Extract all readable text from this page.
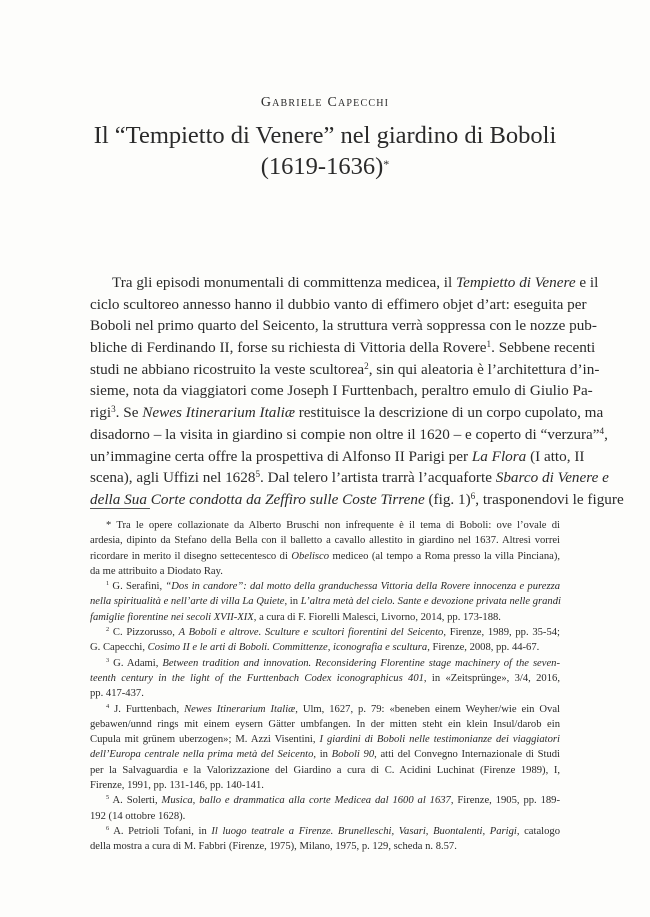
Gabriele Capecchi
Il “Tempietto di Venere” nel giardino di Boboli
(1619-1636)*
Tra gli episodi monumentali di committenza medicea, il Tempietto di Venere e il
ciclo scultoreo annesso hanno il dubbio vanto di effimero objet d’art: eseguita per
Boboli nel primo quarto del Seicento, la struttura verrà soppressa con le nozze pub-
bliche di Ferdinando II, forse su richiesta di Vittoria della Rovere$^1$. Sebbene recenti
studi ne abbiano ricostruito la veste scultorea$^2$, sin qui aleatoria è l’architettura d’in-
sieme, nota da viaggiatori come Joseph I Furttenbach, peraltro emulo di Giulio Pa-
rigi$^3$. Se Newes Itinerarium Italiæ restituisce la descrizione di un corpo cupolato, ma
disadorno – la visita in giardino si compie non oltre il 1620 – e coperto di “verzura”$^4$,
un’immagine certa offre la prospettiva di Alfonso II Parigi per La Flora (I atto, II
scena), agli Uffizi nel 1628$^5$. Dal telero l’artista trarrà l’acquaforte Sbarco di Venere e
della Sua Corte condotta da Zeffiro sulle Coste Tirrene (fig. 1)$^6$, trasponendovi le figure
* Tra le opere collazionate da Alberto Bruschi non infrequente è il tema di Boboli: ove l’ovale di
ardesia, dipinto da Stefano della Bella con il balletto a cavallo allestito in giardino nel 1637. Altresì vorrei
ricordare in merito il disegno settecentesco di Obelisco mediceo (al tempo a Roma presso la villa Pinciana),
da me attribuito a Diodato Ray.
$^1$ G. Serafini, “Dos in candore”: dal motto della granduchessa Vittoria della Rovere innocenza e purezza
nella spiritualità e nell’arte di villa La Quiete, in L’altra metà del cielo. Sante e devozione privata nelle grandi
famiglie fiorentine nei secoli XVII-XIX, a cura di F. Fiorelli Malesci, Livorno, 2014, pp. 173-188.
$^2$ C. Pizzorusso, A Boboli e altrove. Sculture e scultori fiorentini del Seicento, Firenze, 1989, pp. 35-54;
G. Capecchi, Cosimo II e le arti di Boboli. Committenze, iconografia e scultura, Firenze, 2008, pp. 44-67.
$^3$ G. Adami, Between tradition and innovation. Reconsidering Florentine stage machinery of the seven-
teenth century in the light of the Furttenbach Codex iconographicus 401, in «Zeitsprünge», 3/4, 2016,
pp. 417-437.
$^4$ J. Furttenbach, Newes Itinerarium Italiæ, Ulm, 1627, p. 79: «beneben einem Weyher/wie ein Oval
gebawen/unnd rings mit einem eysern Gätter umbfangen. In der mitten steht ein klein Insul/darob ein
Cupula mit grünem uberzogen»; M. Azzi Visentini, I giardini di Boboli nelle testimonianze dei viaggiatori
dell’Europa centrale nella prima metà del Seicento, in Boboli 90, atti del Convegno Internazionale di Studi
per la Salvaguardia e la Valorizzazione del Giardino a cura di C. Acidini Luchinat (Firenze 1989), I,
Firenze, 1991, pp. 131-146, pp. 140-141.
$^5$ A. Solerti, Musica, ballo e drammatica alla corte Medicea dal 1600 al 1637, Firenze, 1905, pp. 189-
192 (14 ottobre 1628).
$^6$ A. Petrioli Tofani, in Il luogo teatrale a Firenze. Brunelleschi, Vasari, Buontalenti, Parigi, catalogo
della mostra a cura di M. Fabbri (Firenze, 1975), Milano, 1975, p. 129, scheda n. 8.57.
